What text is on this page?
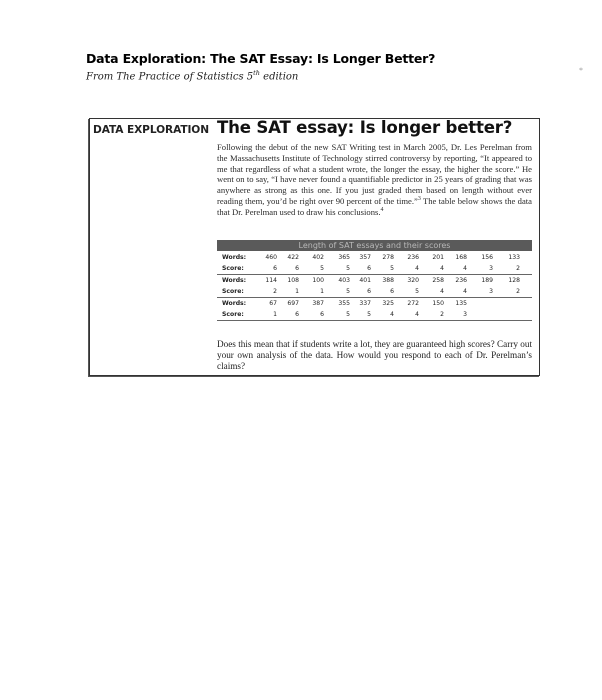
Data Exploration: The SAT Essay: Is Longer Better?
From The Practice of Statistics 5th edition
*
DATA EXPLORATION The SAT essay: Is longer better?
Following the debut of the new SAT Writing test in March 2005, Dr. Les Perelman from the Massachusetts Institute of Technology stirred controversy by reporting, “It appeared to me that regardless of what a student wrote, the longer the essay, the higher the score.” He went on to say, “I have never found a quantifiable predictor in 25 years of grading that was anywhere as strong as this one. If you just graded them based on length without ever reading them, you’d be right over 90 percent of the time.”$^3$ The table below shows the data that Dr. Perelman used to draw his conclusions.$^4$
Length of SAT essays and their scores
Words:	460	422	402	365	357	278	236	201	168	156	133
Score:	6	6	5	5	6	5	4	4	4	3	2
Words:	114	108	100	403	401	388	320	258	236	189	128
Score:	2	1	1	5	6	6	5	4	4	3	2
Words:	67	697	387	355	337	325	272	150	135
Score:	1	6	6	5	5	4	4	2	3
Does this mean that if students write a lot, they are guaranteed high scores? Carry out your own analysis of the data. How would you respond to each of Dr. Perelman’s claims?
